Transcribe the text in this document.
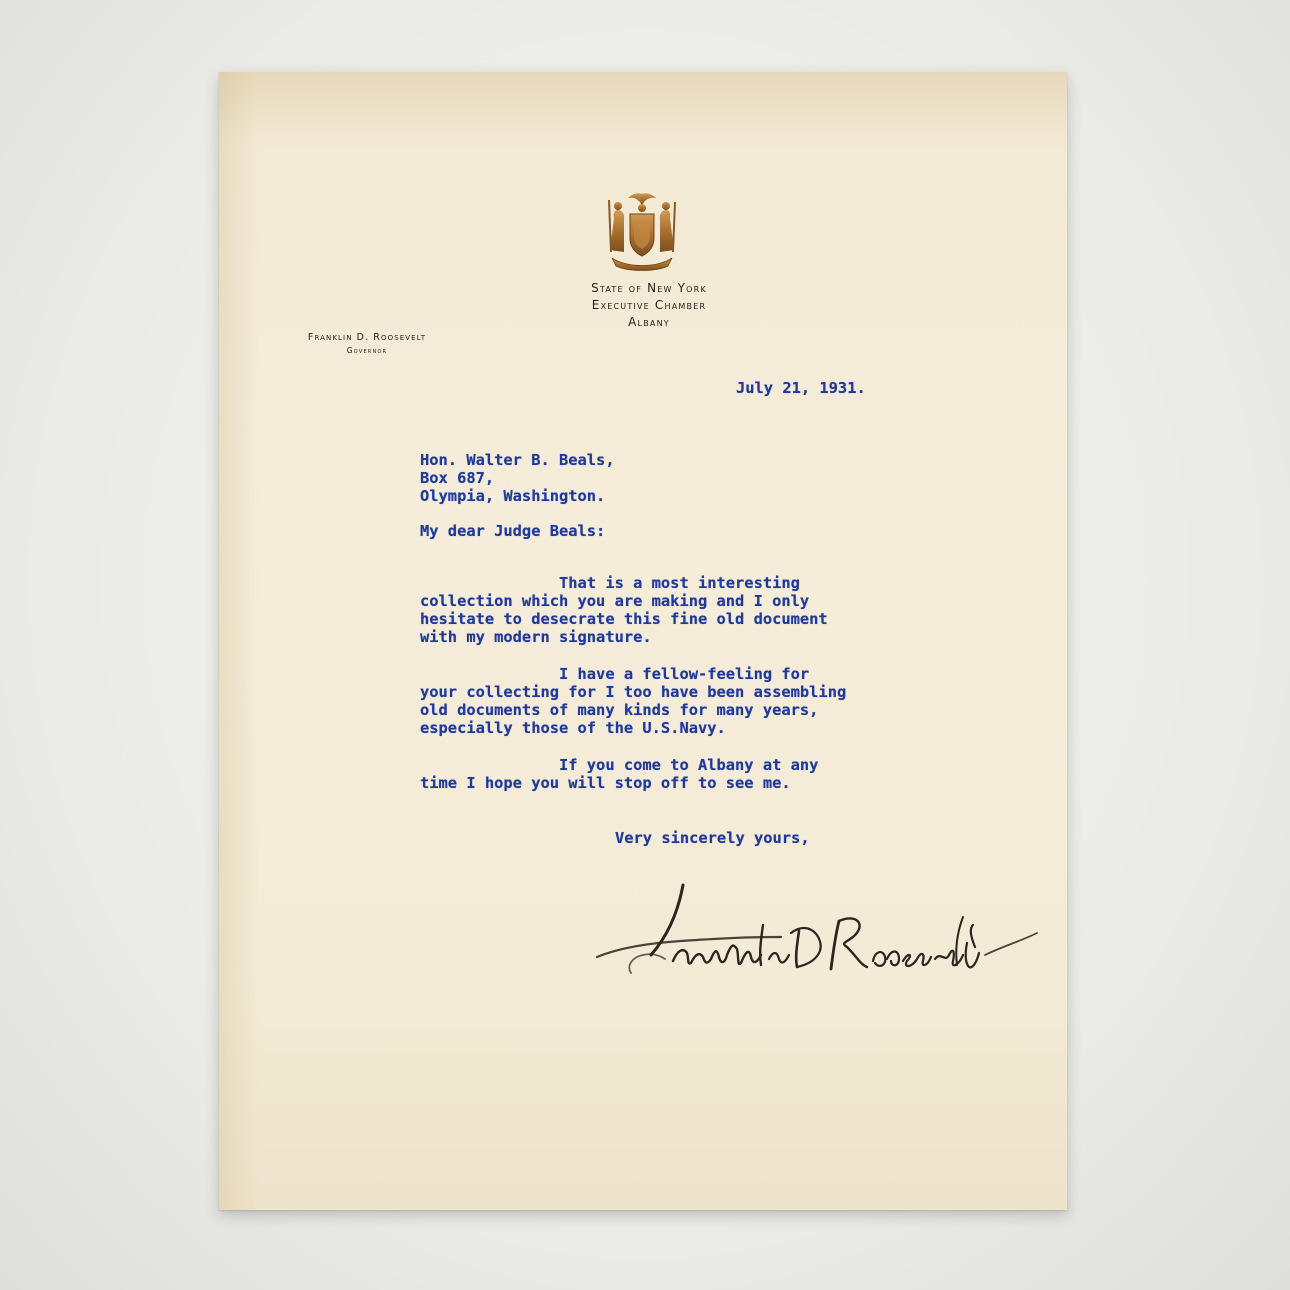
State of New York
Executive Chamber
Albany
Franklin D. Roosevelt
Governor
July 21, 1931.
Hon. Walter B. Beals,
Box 687,
Olympia, Washington.
My dear Judge Beals:
That is a most interesting
collection which you are making and I only
hesitate to desecrate this fine old document
with my modern signature.
I have a fellow-feeling for
your collecting for I too have been assembling
old documents of many kinds for many years,
especially those of the U.S.Navy.
If you come to Albany at any
time I hope you will stop off to see me.
Very sincerely yours,
